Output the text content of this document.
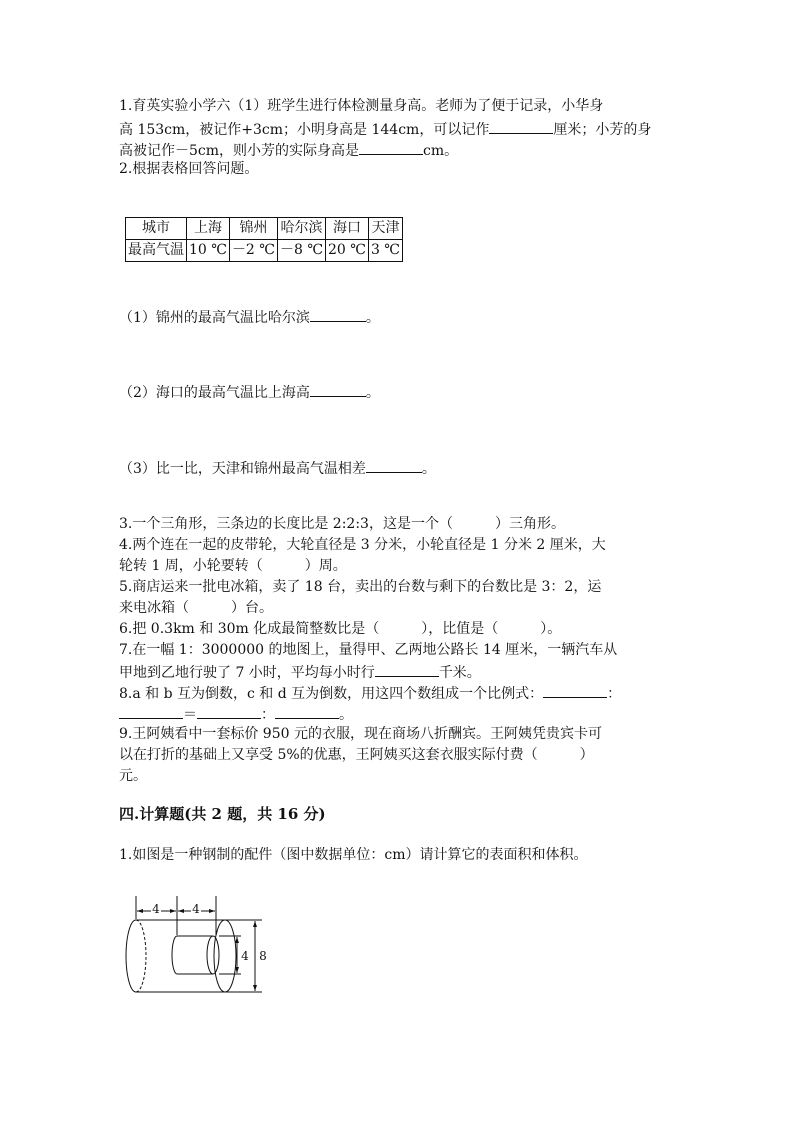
1.育英实验小学六（1）班学生进行体检测量身高。老师为了便于记录，小华身
高 153cm，被记作+3cm；小明身高是 144cm，可以记作	厘米；小芳的身
高被记作－5cm，则小芳的实际身高是	cm。
2.根据表格回答问题。
城市	上海	锦州	哈尔滨	海口	天津
最高气温	10 ℃	－2 ℃	－8 ℃	20 ℃	3 ℃
（1）锦州的最高气温比哈尔滨	。
（2）海口的最高气温比上海高	。
（3）比一比，天津和锦州最高气温相差	。
3.一个三角形，三条边的长度比是 2:2:3，这是一个（　　　）三角形。
4.两个连在一起的皮带轮，大轮直径是 3 分米，小轮直径是 1 分米 2 厘米，大
轮转 1 周，小轮要转（　　　）周。
5.商店运来一批电冰箱，卖了 18 台，卖出的台数与剩下的台数比是 3：2，运
来电冰箱（　　　）台。
6.把 0.3km 和 30m 化成最简整数比是（　　　），比值是（　　　）。
7.在一幅 1：3000000 的地图上，量得甲、乙两地公路长 14 厘米，一辆汽车从
甲地到乙地行驶了 7 小时，平均每小时行	千米。
8.a 和 b 互为倒数，c 和 d 互为倒数，用这四个数组成一个比例式：	：
＝	：	。
9.王阿姨看中一套标价 950 元的衣服，现在商场八折酬宾。王阿姨凭贵宾卡可
以在打折的基础上又享受 5%的优惠，王阿姨买这套衣服实际付费（　　　）
元。
四.计算题(共 2 题，共 16 分)
1.如图是一种钢制的配件（图中数据单位：cm）请计算它的表面积和体积。
4	4
4 8
